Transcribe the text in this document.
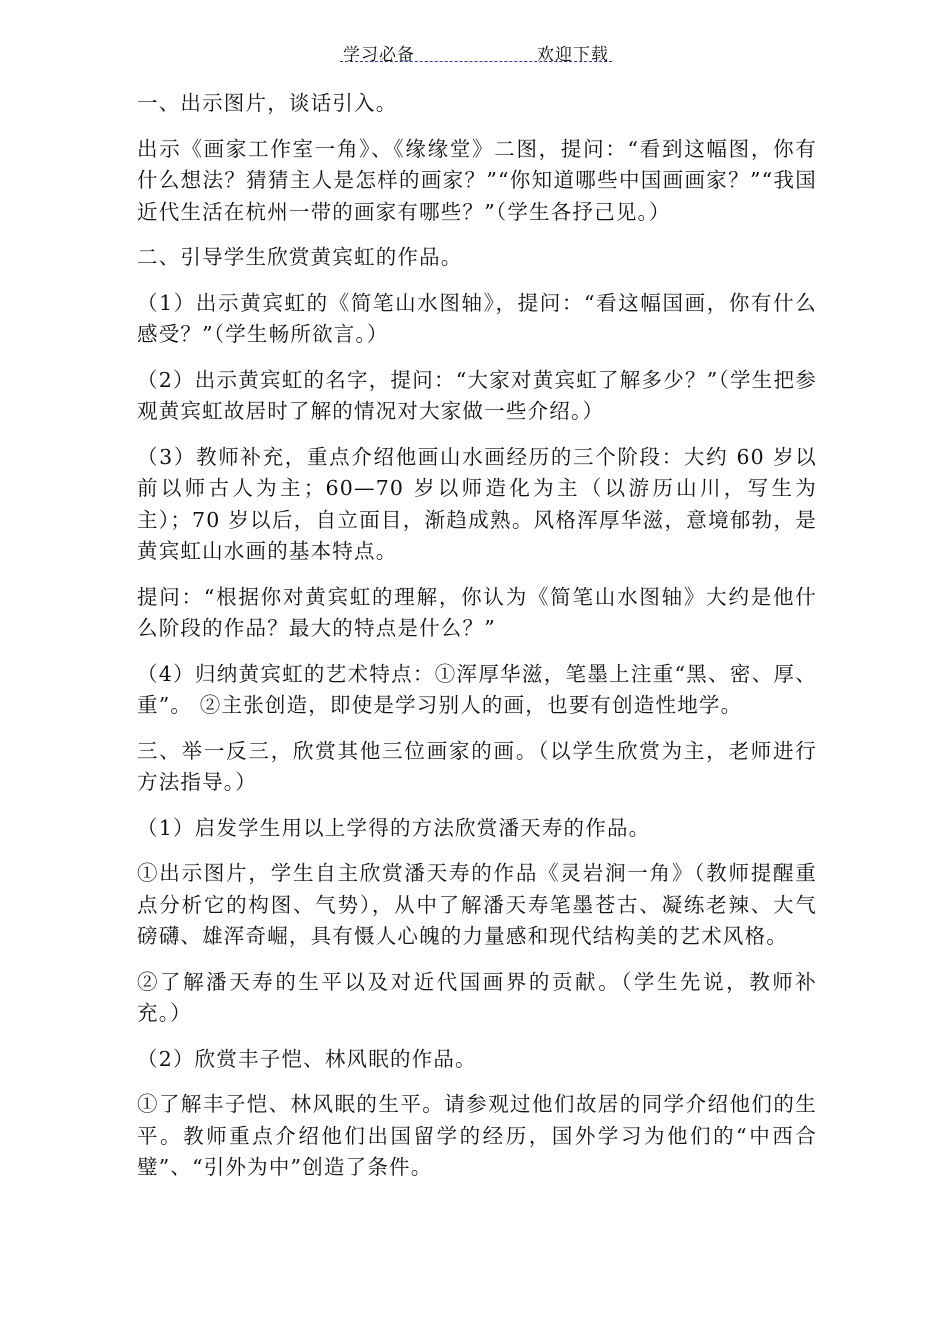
学习必备	欢迎下载

一、出示图片，谈话引入。

出示《画家工作室一角》、《缘缘堂》二图，提问：“看到这幅图，你有什么想法？猜猜主人是怎样的画家？”“你知道哪些中国画画家？”“我国近代生活在杭州一带的画家有哪些？”（学生各抒己见。）

二、引导学生欣赏黄宾虹的作品。

（1）出示黄宾虹的《简笔山水图轴》，提问：“看这幅国画，你有什么感受？”（学生畅所欲言。）

（2）出示黄宾虹的名字，提问：“大家对黄宾虹了解多少？”（学生把参观黄宾虹故居时了解的情况对大家做一些介绍。）

（3）教师补充，重点介绍他画山水画经历的三个阶段：大约 60 岁以前以师古人为主；60—70 岁以师造化为主（以游历山川，写生为主）；70 岁以后，自立面目，渐趋成熟。风格浑厚华滋，意境郁勃，是黄宾虹山水画的基本特点。

提问：“根据你对黄宾虹的理解，你认为《简笔山水图轴》大约是他什么阶段的作品？最大的特点是什么？”

（4）归纳黄宾虹的艺术特点：①浑厚华滋，笔墨上注重“黑、密、厚、重”。 ②主张创造，即使是学习别人的画，也要有创造性地学。

三、举一反三，欣赏其他三位画家的画。（以学生欣赏为主，老师进行方法指导。）

（1）启发学生用以上学得的方法欣赏潘天寿的作品。

①出示图片，学生自主欣赏潘天寿的作品《灵岩涧一角》（教师提醒重点分析它的构图、气势），从中了解潘天寿笔墨苍古、凝练老辣、大气磅礴、雄浑奇崛，具有慑人心魄的力量感和现代结构美的艺术风格。

②了解潘天寿的生平以及对近代国画界的贡献。（学生先说，教师补充。）

（2）欣赏丰子恺、林风眠的作品。

①了解丰子恺、林风眠的生平。请参观过他们故居的同学介绍他们的生平。教师重点介绍他们出国留学的经历，国外学习为他们的“中西合璧”、“引外为中”创造了条件。
